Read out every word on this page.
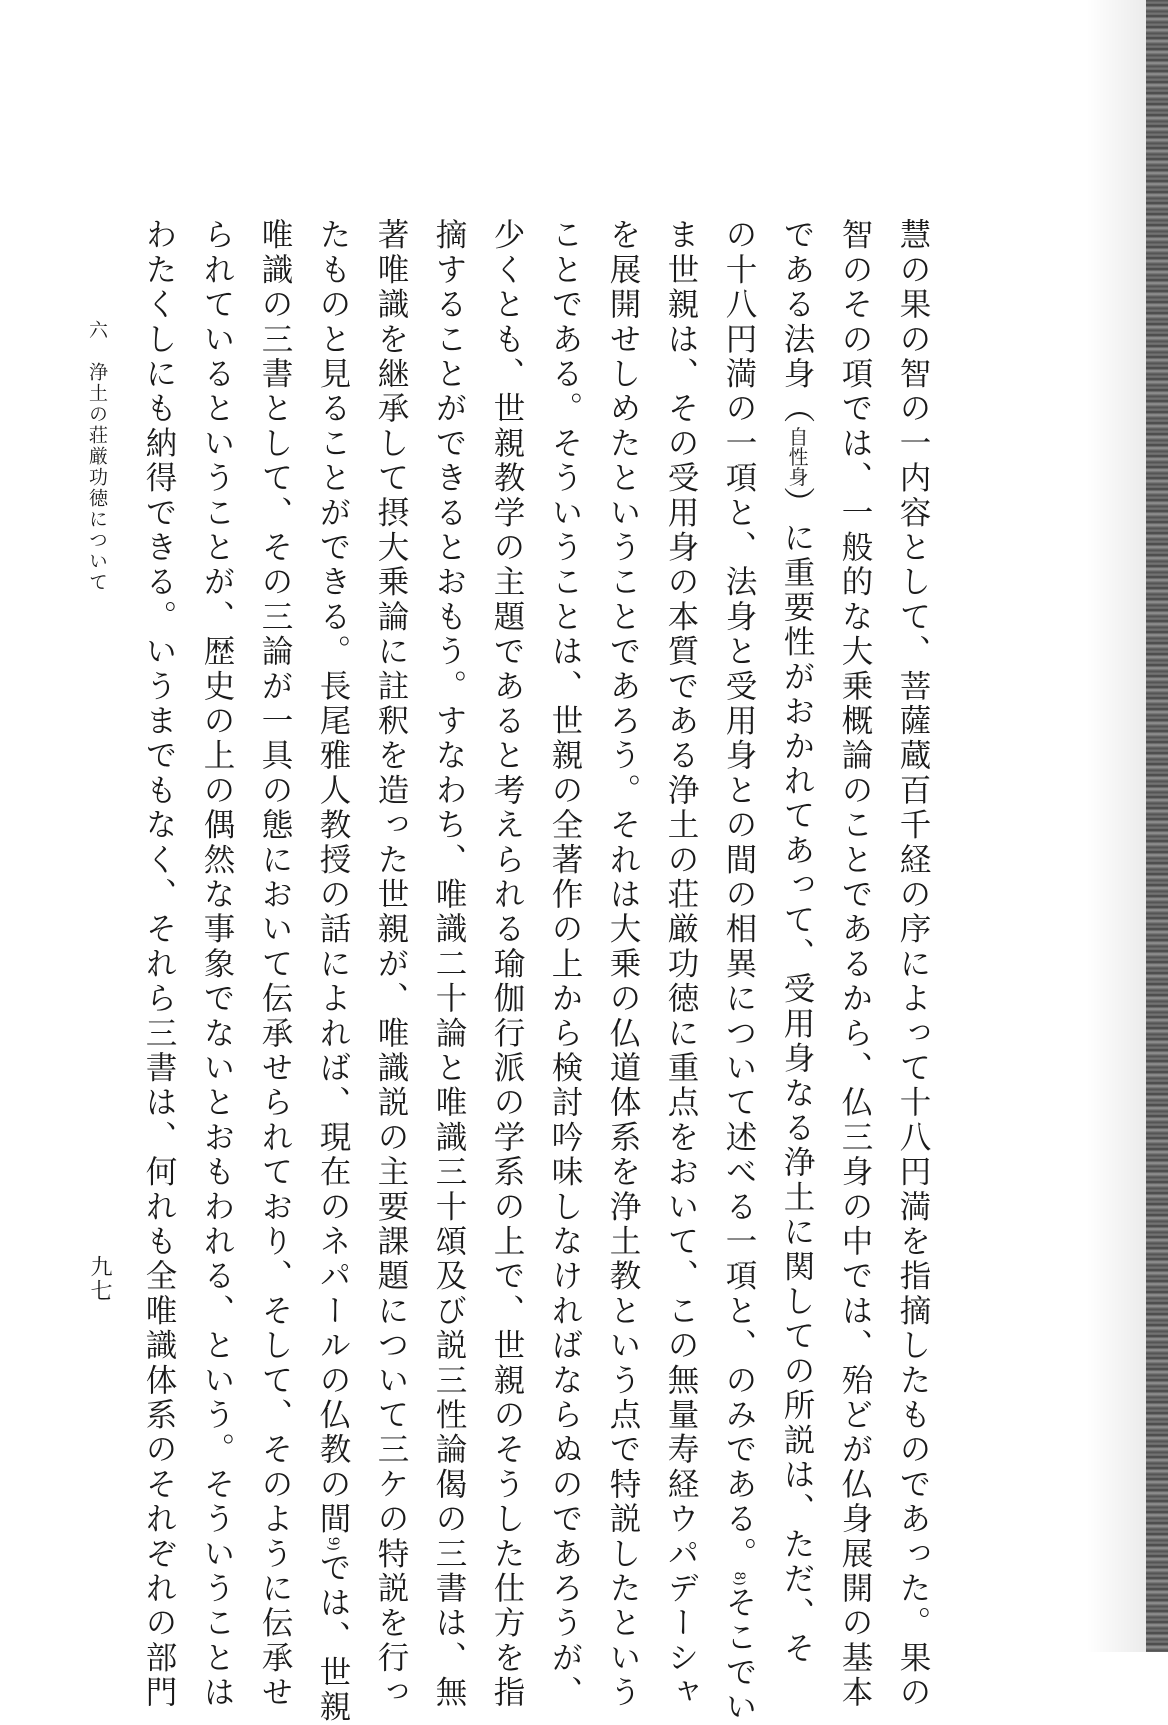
慧の果の智の一内容として、菩薩蔵百千経の序によって十八円満を指摘したものであった。果の
智のその項では、一般的な大乗概論のことであるから、仏三身の中では、殆どが仏身展開の基本
である法身（自性身）に重要性がおかれてあって、受用身なる浄土に関しての所説は、ただ、そ
の十八円満の一項と、法身と受用身との間の相異について述べる一項と、のみである。8)そこでい
ま世親は、その受用身の本質である浄土の荘厳功徳に重点をおいて、この無量寿経ウパデーシャ
を展開せしめたということであろう。それは大乗の仏道体系を浄土教という点で特説したという
ことである。そういうことは、世親の全著作の上から検討吟味しなければならぬのであろうが、
少くとも、世親教学の主題であると考えられる瑜伽行派の学系の上で、世親のそうした仕方を指
摘することができるとおもう。すなわち、唯識二十論と唯識三十頌及び説三性論偈の三書は、無
著唯識を継承して摂大乗論に註釈を造った世親が、唯識説の主要課題について三ケの特説を行っ
たものと見ることができる。長尾雅人教授の話によれば、現在のネパールの仏教の間9)では、世親
唯識の三書として、その三論が一具の態において伝承せられており、そして、そのように伝承せ
られているということが、歴史の上の偶然な事象でないとおもわれる、という。そういうことは
わたくしにも納得できる。いうまでもなく、それら三書は、何れも全唯識体系のそれぞれの部門
六　浄土の荘厳功徳について
九七
